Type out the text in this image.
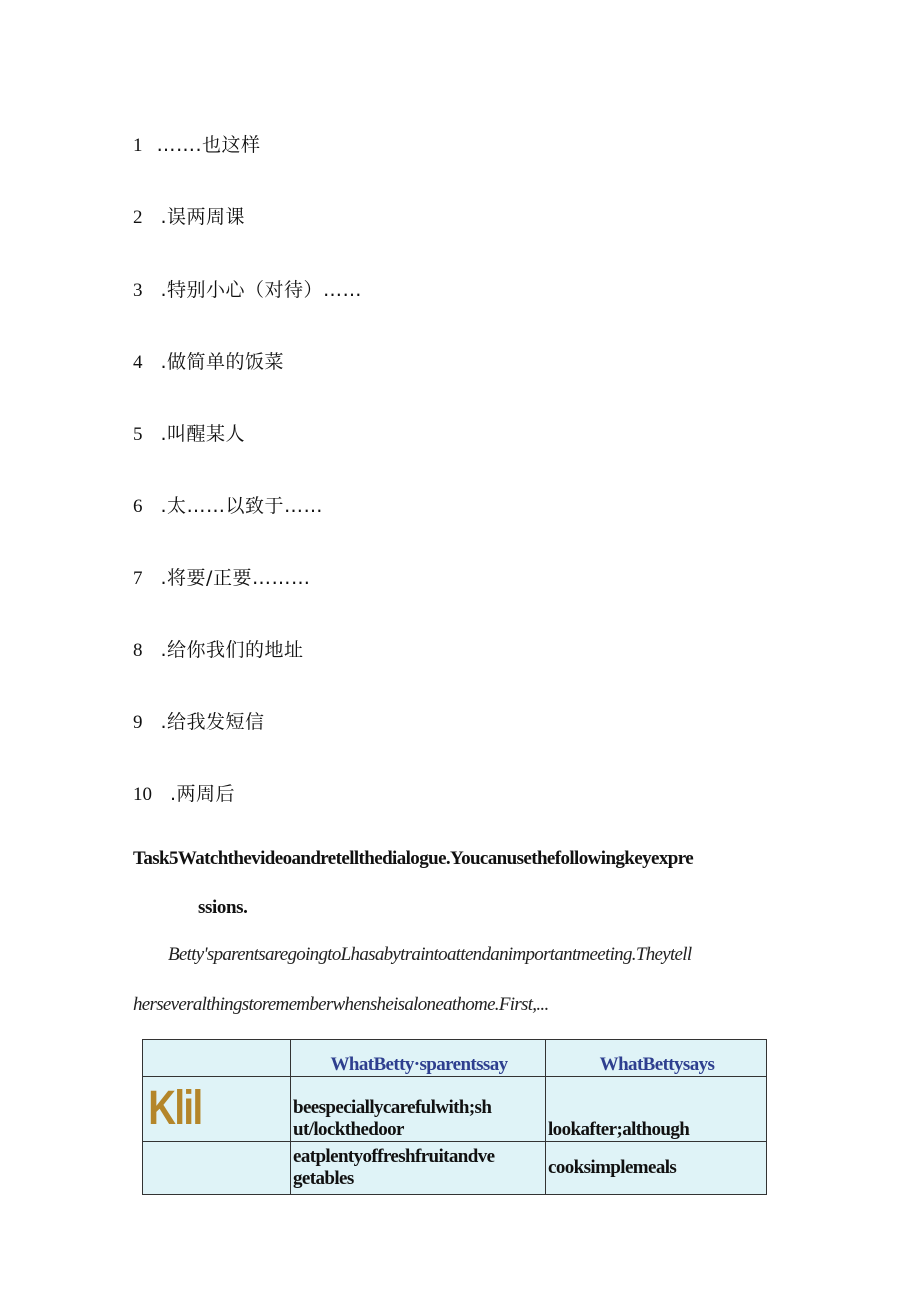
1 …….也这样
2 .误两周课
3 .特别小心（对待）……
4 .做简单的饭菜
5 .叫醒某人
6 .太……以致于……
7 .将要/正要………
8 .给你我们的地址
9 .给我发短信
10 .两周后
Task5Watchthevideoandretellthedialogue.Youcanusethefollowingkeyexpre
ssions.
Betty'sparentsaregoingtoLhasabytraintoattendanimportantmeeting.Theytell
herseveralthingstorememberwhensheisaloneathome.First,...
	WhatBetty·sparentssay	WhatBettysays

Klil	beespeciallycarefulwith;sh
ut/lockthedoor	lookafter;although

	eatplentyoffreshfruitandve
getables	cooksimplemeals
